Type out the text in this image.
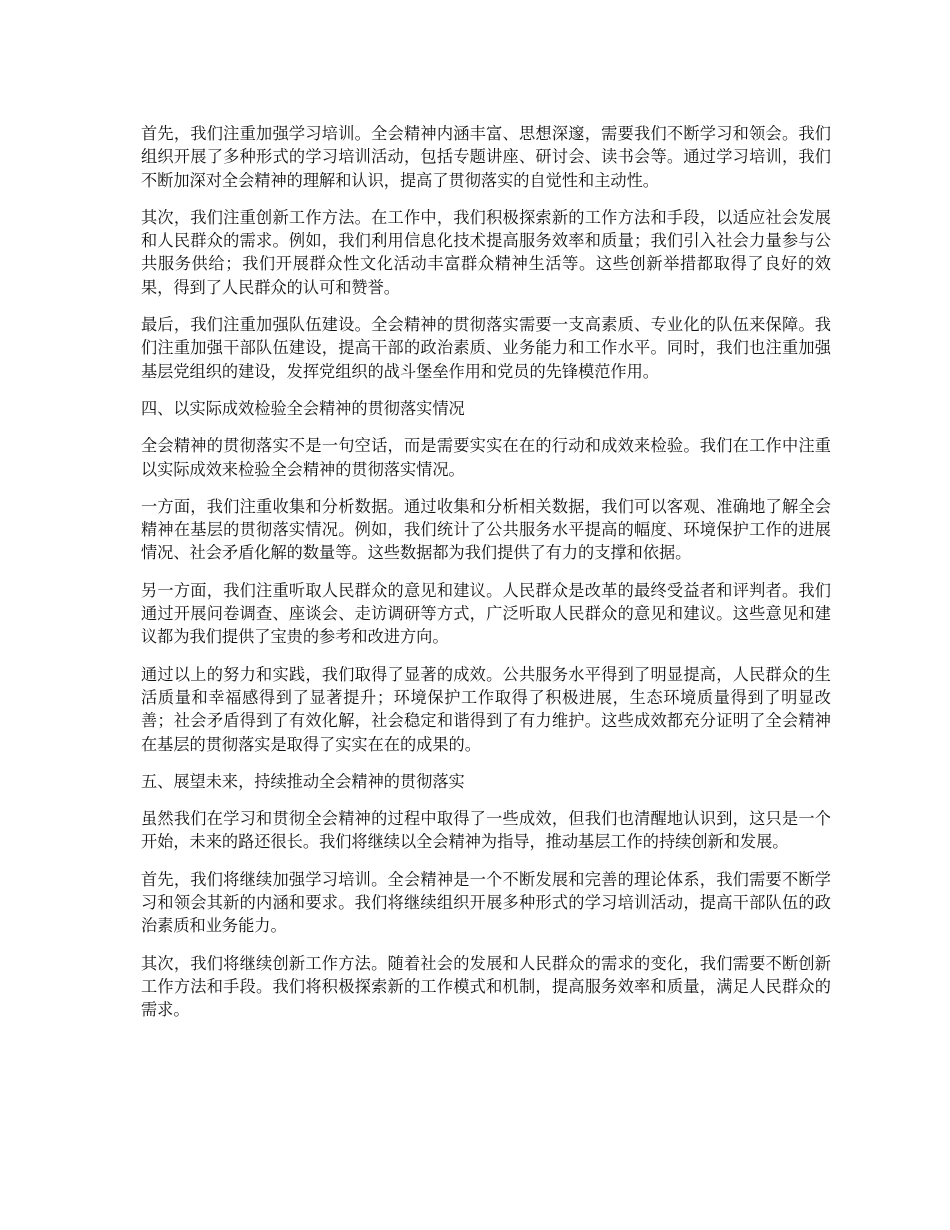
首先，我们注重加强学习培训。全会精神内涵丰富、思想深邃，需要我们不断学习和领会。我们组织开展了多种形式的学习培训活动，包括专题讲座、研讨会、读书会等。通过学习培训，我们不断加深对全会精神的理解和认识，提高了贯彻落实的自觉性和主动性。

其次，我们注重创新工作方法。在工作中，我们积极探索新的工作方法和手段，以适应社会发展和人民群众的需求。例如，我们利用信息化技术提高服务效率和质量；我们引入社会力量参与公共服务供给；我们开展群众性文化活动丰富群众精神生活等。这些创新举措都取得了良好的效果，得到了人民群众的认可和赞誉。

最后，我们注重加强队伍建设。全会精神的贯彻落实需要一支高素质、专业化的队伍来保障。我们注重加强干部队伍建设，提高干部的政治素质、业务能力和工作水平。同时，我们也注重加强基层党组织的建设，发挥党组织的战斗堡垒作用和党员的先锋模范作用。

四、以实际成效检验全会精神的贯彻落实情况

全会精神的贯彻落实不是一句空话，而是需要实实在在的行动和成效来检验。我们在工作中注重以实际成效来检验全会精神的贯彻落实情况。

一方面，我们注重收集和分析数据。通过收集和分析相关数据，我们可以客观、准确地了解全会精神在基层的贯彻落实情况。例如，我们统计了公共服务水平提高的幅度、环境保护工作的进展情况、社会矛盾化解的数量等。这些数据都为我们提供了有力的支撑和依据。

另一方面，我们注重听取人民群众的意见和建议。人民群众是改革的最终受益者和评判者。我们通过开展问卷调查、座谈会、走访调研等方式，广泛听取人民群众的意见和建议。这些意见和建议都为我们提供了宝贵的参考和改进方向。

通过以上的努力和实践，我们取得了显著的成效。公共服务水平得到了明显提高，人民群众的生活质量和幸福感得到了显著提升；环境保护工作取得了积极进展，生态环境质量得到了明显改善；社会矛盾得到了有效化解，社会稳定和谐得到了有力维护。这些成效都充分证明了全会精神在基层的贯彻落实是取得了实实在在的成果的。

五、展望未来，持续推动全会精神的贯彻落实

虽然我们在学习和贯彻全会精神的过程中取得了一些成效，但我们也清醒地认识到，这只是一个开始，未来的路还很长。我们将继续以全会精神为指导，推动基层工作的持续创新和发展。

首先，我们将继续加强学习培训。全会精神是一个不断发展和完善的理论体系，我们需要不断学习和领会其新的内涵和要求。我们将继续组织开展多种形式的学习培训活动，提高干部队伍的政治素质和业务能力。

其次，我们将继续创新工作方法。随着社会的发展和人民群众的需求的变化，我们需要不断创新工作方法和手段。我们将积极探索新的工作模式和机制，提高服务效率和质量，满足人民群众的需求。
